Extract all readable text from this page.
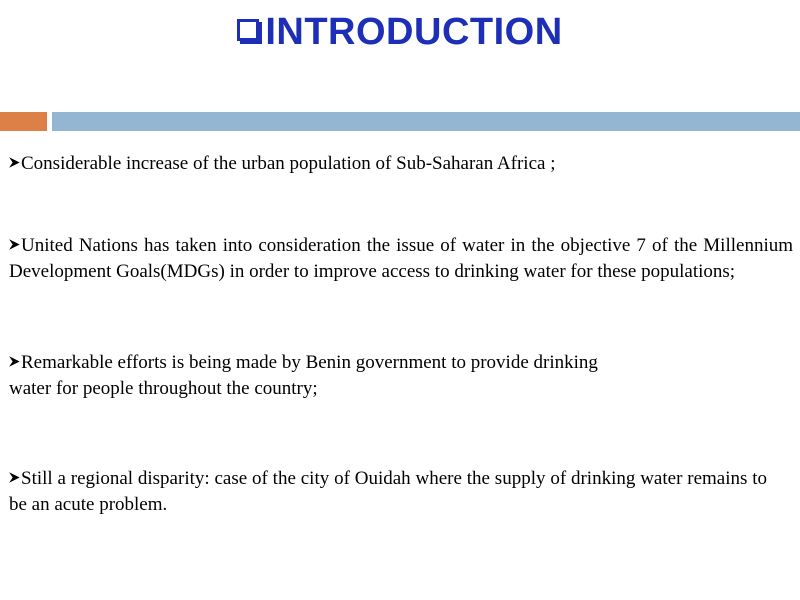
INTRODUCTION
Considerable increase of the urban population of Sub-Saharan Africa ;
United Nations has taken into consideration the issue of water in the objective 7 of the Millennium Development Goals(MDGs) in order to improve access to drinking water for these populations;
Remarkable efforts is being made by Benin government to provide drinking
water for people throughout the country;
Still a regional disparity: case of the city of Ouidah where the supply of drinking water remains to be an acute problem.
